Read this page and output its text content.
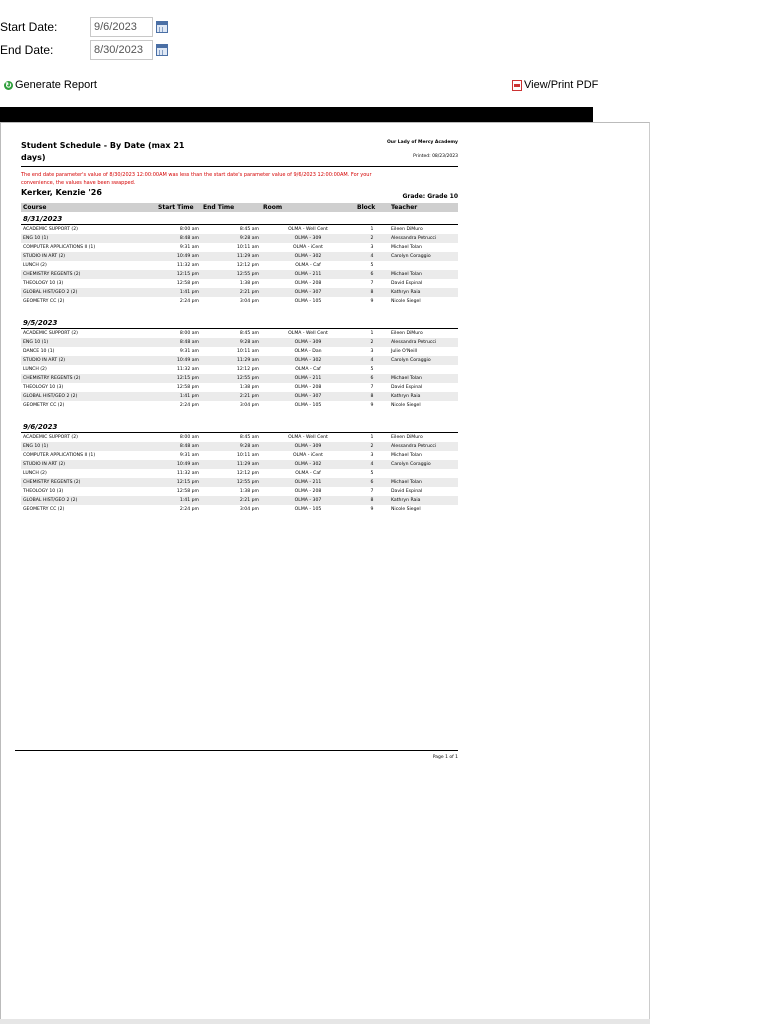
Start Date:
9/6/2023
End Date:
8/30/2023
↻ Generate Report	View/Print PDF
Student Schedule - By Date (max 21 days)
Our Lady of Mercy Academy
Printed: 08/23/2023
The end date parameter's value of 8/30/2023 12:00:00AM was less than the start date's parameter value of 9/6/2023 12:00:00AM. For your convenience, the values have been swapped.
Kerker, Kenzie '26	Grade: Grade 10
Course	Start Time	End Time	Room	Block	Teacher
8/31/2023					
ACADEMIC SUPPORT (2)	8:00 am	8:45 am	OLMA - Well Cent	1	Eileen DiMuro
ENG 10 (1)	8:48 am	9:28 am	OLMA - 309	2	Alessandra Petrucci
COMPUTER APPLICATIONS II (1)	9:31 am	10:11 am	OLMA - iCent	3	Michael Tolan
STUDIO IN ART (2)	10:49 am	11:29 am	OLMA - 302	4	Carolyn Coraggio
LUNCH (2)	11:32 am	12:12 pm	OLMA - Caf	5	
CHEMISTRY REGENTS (2)	12:15 pm	12:55 pm	OLMA - 211	6	Michael Tolan
THEOLOGY 10 (3)	12:58 pm	1:38 pm	OLMA - 208	7	David Espinal
GLOBAL HIST/GEO 2 (2)	1:41 pm	2:21 pm	OLMA - 307	8	Kathryn Raia
GEOMETRY CC (2)	2:24 pm	3:04 pm	OLMA - 105	9	Nicole Siegel

9/5/2023					
ACADEMIC SUPPORT (2)	8:00 am	8:45 am	OLMA - Well Cent	1	Eileen DiMuro
ENG 10 (1)	8:48 am	9:28 am	OLMA - 309	2	Alessandra Petrucci
DANCE 10 (1)	9:31 am	10:11 am	OLMA - Dan	3	Julie O'Neill
STUDIO IN ART (2)	10:49 am	11:29 am	OLMA - 302	4	Carolyn Coraggio
LUNCH (2)	11:32 am	12:12 pm	OLMA - Caf	5	
CHEMISTRY REGENTS (2)	12:15 pm	12:55 pm	OLMA - 211	6	Michael Tolan
THEOLOGY 10 (3)	12:58 pm	1:38 pm	OLMA - 208	7	David Espinal
GLOBAL HIST/GEO 2 (2)	1:41 pm	2:21 pm	OLMA - 307	8	Kathryn Raia
GEOMETRY CC (2)	2:24 pm	3:04 pm	OLMA - 105	9	Nicole Siegel

9/6/2023					
ACADEMIC SUPPORT (2)	8:00 am	8:45 am	OLMA - Well Cent	1	Eileen DiMuro
ENG 10 (1)	8:48 am	9:28 am	OLMA - 309	2	Alessandra Petrucci
COMPUTER APPLICATIONS II (1)	9:31 am	10:11 am	OLMA - iCent	3	Michael Tolan
STUDIO IN ART (2)	10:49 am	11:29 am	OLMA - 302	4	Carolyn Coraggio
LUNCH (2)	11:32 am	12:12 pm	OLMA - Caf	5	
CHEMISTRY REGENTS (2)	12:15 pm	12:55 pm	OLMA - 211	6	Michael Tolan
THEOLOGY 10 (3)	12:58 pm	1:38 pm	OLMA - 208	7	David Espinal
GLOBAL HIST/GEO 2 (2)	1:41 pm	2:21 pm	OLMA - 307	8	Kathryn Raia
GEOMETRY CC (2)	2:24 pm	3:04 pm	OLMA - 105	9	Nicole Siegel
Page 1 of 1
